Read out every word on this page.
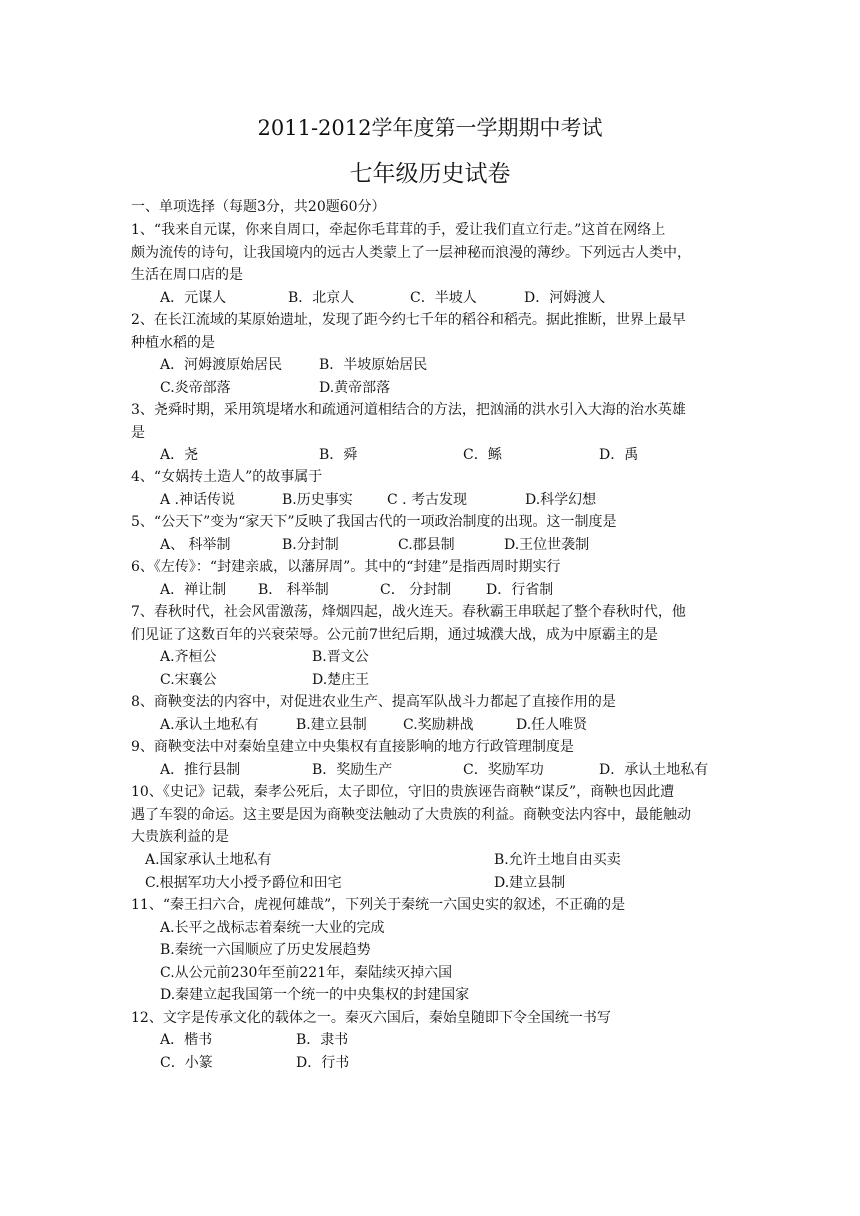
2011-2012学年度第一学期期中考试
七年级历史试卷
一、单项选择（每题3分，共20题60分）
1、“我来自元谋，你来自周口，牵起你毛茸茸的手，爱让我们直立行走。”这首在网络上
颇为流传的诗句，让我国境内的远古人类蒙上了一层神秘而浪漫的薄纱。下列远古人类中，
生活在周口店的是
A．元谋人	B．北京人	C．半坡人	D．河姆渡人
2、在长江流域的某原始遗址，发现了距今约七千年的稻谷和稻壳。据此推断，世界上最早
种植水稻的是
A．河姆渡原始居民	B．半坡原始居民
C.炎帝部落	D.黄帝部落
3、尧舜时期，采用筑堤堵水和疏通河道相结合的方法，把汹涌的洪水引入大海的治水英雄
是
A．尧	B．舜	C．鲧	D．禹
4、“女娲抟土造人”的故事属于
A .神话传说	B.历史事实 C . 考古发现	D.科学幻想
5、“公天下”变为“家天下”反映了我国古代的一项政治制度的出现。这一制度是
A、 科举制	B.分封制	C.郡县制	D.王位世袭制
6、《左传》：“封建亲戚，以藩屏周”。其中的“封建”是指西周时期实行
A．禅让制 B． 科举制	C． 分封制 D．行省制
7、春秋时代，社会风雷激荡，烽烟四起，战火连天。春秋霸王串联起了整个春秋时代，他
们见证了这数百年的兴衰荣辱。公元前7世纪后期，通过城濮大战，成为中原霸主的是
A.齐桓公	B.晋文公
C.宋襄公	D.楚庄王
8、商鞅变法的内容中，对促进农业生产、提高军队战斗力都起了直接作用的是
A.承认土地私有	B.建立县制	C.奖励耕战	D.任人唯贤
9、商鞅变法中对秦始皇建立中央集权有直接影响的地方行政管理制度是
A．推行县制	B．奖励生产	C．奖励军功	D．承认土地私有
10、《史记》记载，秦孝公死后，太子即位，守旧的贵族诬告商鞅“谋反”，商鞅也因此遭
遇了车裂的命运。这主要是因为商鞅变法触动了大贵族的利益。商鞅变法内容中，最能触动
大贵族利益的是
A.国家承认土地私有	B.允许土地自由买卖
C.根据军功大小授予爵位和田宅	D.建立县制
11、“秦王扫六合，虎视何雄哉”，下列关于秦统一六国史实的叙述，不正确的是
A.长平之战标志着秦统一大业的完成
B.秦统一六国顺应了历史发展趋势
C.从公元前230年至前221年，秦陆续灭掉六国
D.秦建立起我国第一个统一的中央集权的封建国家
12、文字是传承文化的载体之一。秦灭六国后，秦始皇随即下令全国统一书写
A．楷书	B．隶书
C．小篆	D．行书
